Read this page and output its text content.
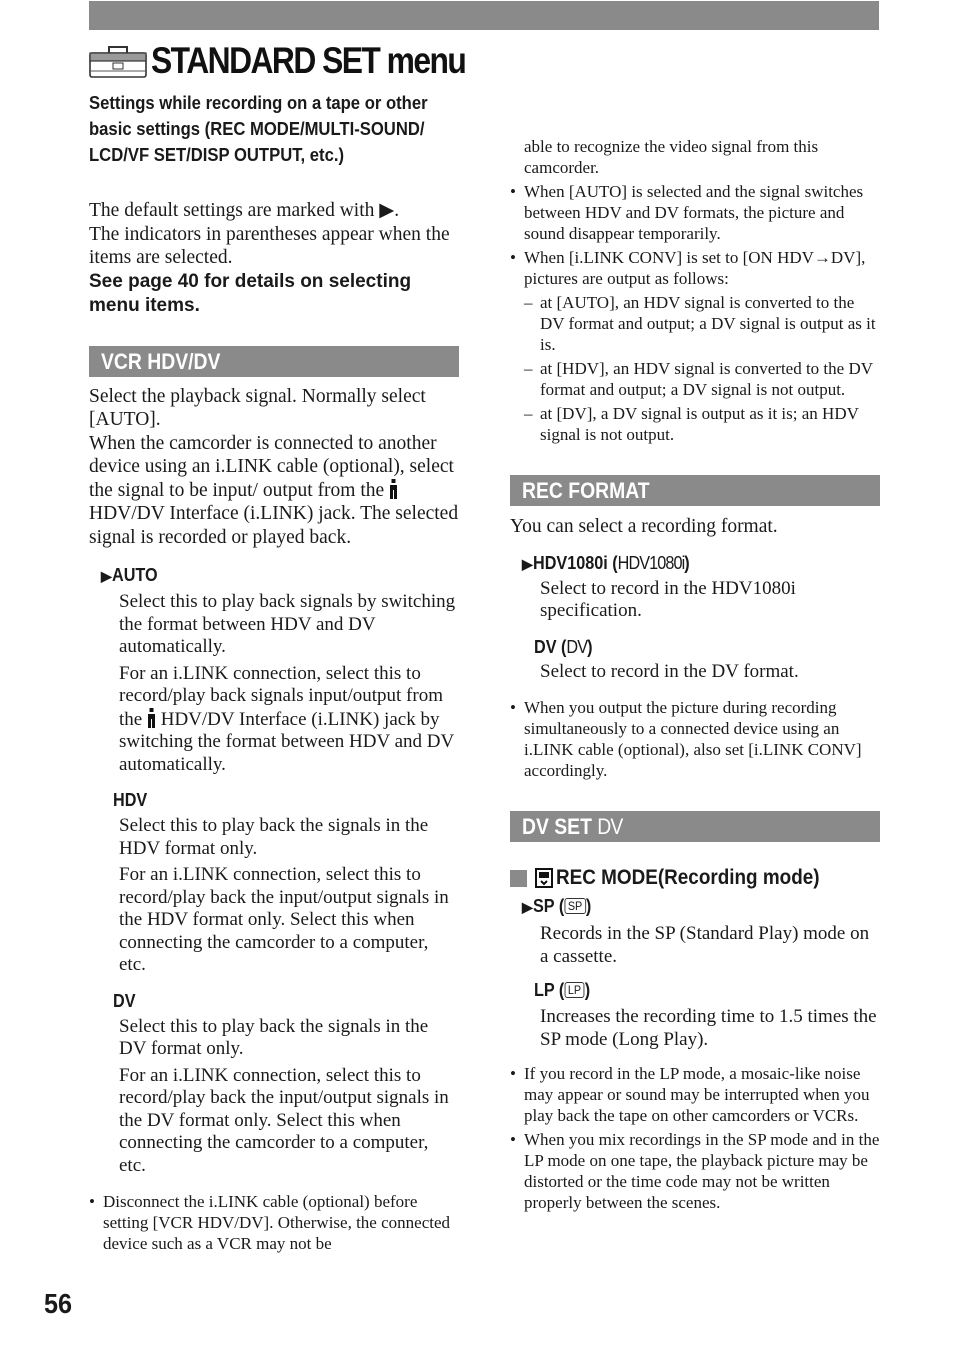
STANDARD SET menu
Settings while recording on a tape or other basic settings (REC MODE/MULTI-SOUND/ LCD/VF SET/DISP OUTPUT, etc.)

The default settings are marked with ▶.

The indicators in parentheses appear when the items are selected.

See page 40 for details on selecting menu items.

VCR HDV/DV

Select the playback signal. Normally select [AUTO].

When the camcorder is connected to another device using an i.LINK cable (optional), select the signal to be input/ output from the  HDV/DV Interface (i.LINK) jack. The selected signal is recorded or played back.

▶AUTO

Select this to play back signals by switching the format between HDV and DV automatically.

For an i.LINK connection, select this to record/play back signals input/output from the  HDV/DV Interface (i.LINK) jack by switching the format between HDV and DV automatically.

HDV

Select this to play back the signals in the HDV format only.

For an i.LINK connection, select this to record/play back the input/output signals in the HDV format only. Select this when connecting the camcorder to a computer, etc.

DV

Select this to play back the signals in the DV format only.

For an i.LINK connection, select this to record/play back the input/output signals in the DV format only. Select this when connecting the camcorder to a computer, etc.

• Disconnect the i.LINK cable (optional) before setting [VCR HDV/DV]. Otherwise, the connected device such as a VCR may not be

able to recognize the video signal from this camcorder.

• When [AUTO] is selected and the signal switches between HDV and DV formats, the picture and sound disappear temporarily.

• When [i.LINK CONV] is set to [ON HDV→DV], pictures are output as follows:

– at [AUTO], an HDV signal is converted to the DV format and output; a DV signal is output as it is.

– at [HDV], an HDV signal is converted to the DV format and output; a DV signal is not output.

– at [DV], a DV signal is output as it is; an HDV signal is not output.

REC FORMAT

You can select a recording format.

▶HDV1080i (HDV1080i)

Select to record in the HDV1080i specification.

DV (DV)

Select to record in the DV format.

• When you output the picture during recording simultaneously to a connected device using an i.LINK cable (optional), also set [i.LINK CONV] accordingly.

DV SET DV
REC MODE(Recording mode)
▶SP ( SP )

Records in the SP (Standard Play) mode on a cassette.

LP ( LP )

Increases the recording time to 1.5 times the SP mode (Long Play).

• If you record in the LP mode, a mosaic-like noise may appear or sound may be interrupted when you play back the tape on other camcorders or VCRs.

• When you mix recordings in the SP mode and in the LP mode on one tape, the playback picture may be distorted or the time code may not be written properly between the scenes.

56
